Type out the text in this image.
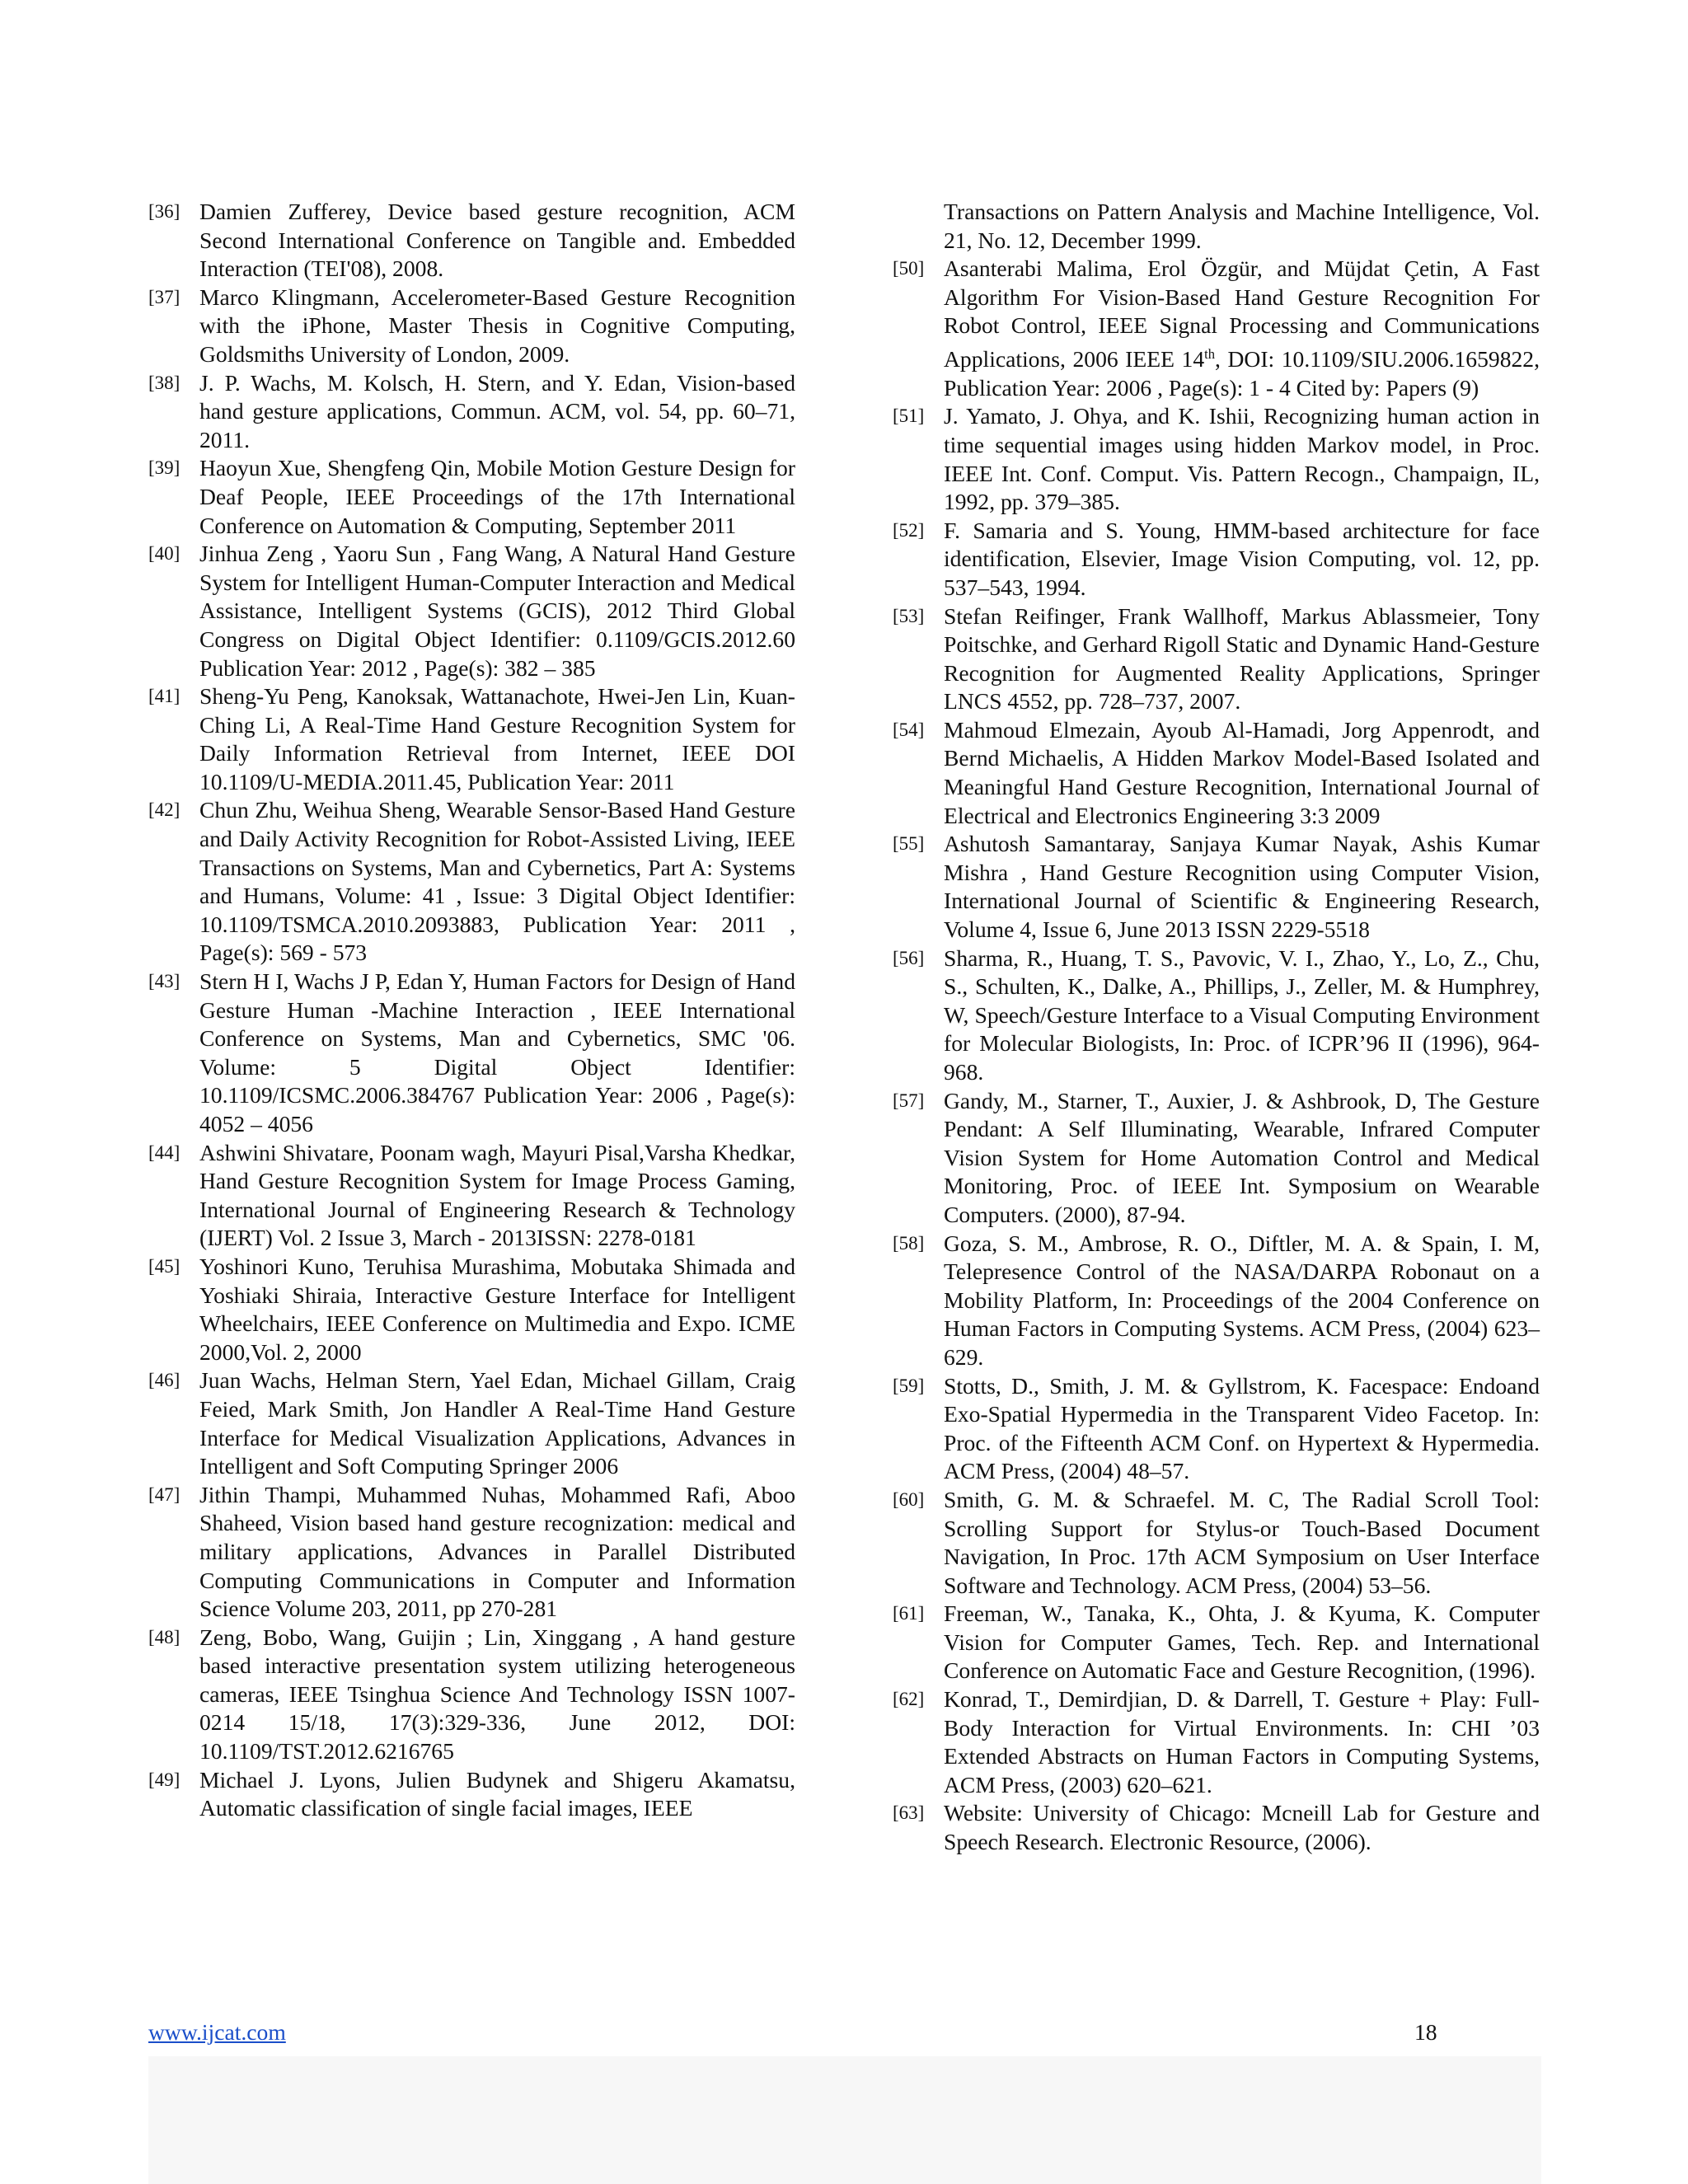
[36] Damien Zufferey, Device based gesture recognition, ACM Second International Conference on Tangible and. Embedded Interaction (TEI'08), 2008.
[37] Marco Klingmann, Accelerometer-Based Gesture Recognition with the iPhone, Master Thesis in Cognitive Computing, Goldsmiths University of London, 2009.
[38] J. P. Wachs, M. Kolsch, H. Stern, and Y. Edan, Vision-based hand gesture applications, Commun. ACM, vol. 54, pp. 60–71, 2011.
[39] Haoyun Xue, Shengfeng Qin, Mobile Motion Gesture Design for Deaf People, IEEE Proceedings of the 17th International Conference on Automation & Computing, September 2011
[40] Jinhua Zeng , Yaoru Sun , Fang Wang, A Natural Hand Gesture System for Intelligent Human-Computer Interaction and Medical Assistance, Intelligent Systems (GCIS), 2012 Third Global Congress on Digital Object Identifier: 0.1109/GCIS.2012.60 Publication Year: 2012 , Page(s): 382 – 385
[41] Sheng-Yu Peng, Kanoksak, Wattanachote, Hwei-Jen Lin, Kuan-Ching Li, A Real-Time Hand Gesture Recognition System for Daily Information Retrieval from Internet, IEEE DOI 10.1109/U-MEDIA.2011.45, Publication Year: 2011
[42] Chun Zhu, Weihua Sheng, Wearable Sensor-Based Hand Gesture and Daily Activity Recognition for Robot-Assisted Living, IEEE Transactions on Systems, Man and Cybernetics, Part A: Systems and Humans, Volume: 41 , Issue: 3 Digital Object Identifier: 10.1109/TSMCA.2010.2093883, Publication Year: 2011 , Page(s): 569 - 573
[43] Stern H I, Wachs J P, Edan Y, Human Factors for Design of Hand Gesture Human -Machine Interaction , IEEE International Conference on Systems, Man and Cybernetics, SMC '06. Volume: 5 Digital Object Identifier: 10.1109/ICSMC.2006.384767 Publication Year: 2006 , Page(s): 4052 – 4056
[44] Ashwini Shivatare, Poonam wagh, Mayuri Pisal,Varsha Khedkar, Hand Gesture Recognition System for Image Process Gaming, International Journal of Engineering Research & Technology (IJERT) Vol. 2 Issue 3, March - 2013ISSN: 2278-0181
[45] Yoshinori Kuno, Teruhisa Murashima, Mobutaka Shimada and Yoshiaki Shiraia, Interactive Gesture Interface for Intelligent Wheelchairs, IEEE Conference on Multimedia and Expo. ICME 2000,Vol. 2, 2000
[46] Juan Wachs, Helman Stern, Yael Edan, Michael Gillam, Craig Feied, Mark Smith, Jon Handler A Real-Time Hand Gesture Interface for Medical Visualization Applications, Advances in Intelligent and Soft Computing Springer 2006
[47] Jithin Thampi, Muhammed Nuhas, Mohammed Rafi, Aboo Shaheed, Vision based hand gesture recognization: medical and military applications, Advances in Parallel Distributed Computing Communications in Computer and Information Science Volume 203, 2011, pp 270-281
[48] Zeng, Bobo, Wang, Guijin ; Lin, Xinggang , A hand gesture based interactive presentation system utilizing heterogeneous cameras, IEEE Tsinghua Science And Technology ISSN 1007-0214 15/18, 17(3):329-336, June 2012, DOI: 10.1109/TST.2012.6216765
[49] Michael J. Lyons, Julien Budynek and Shigeru Akamatsu, Automatic classification of single facial images, IEEE
Transactions on Pattern Analysis and Machine Intelligence, Vol. 21, No. 12, December 1999.
[50] Asanterabi Malima, Erol Özgür, and Müjdat Çetin, A Fast Algorithm For Vision-Based Hand Gesture Recognition For Robot Control, IEEE Signal Processing and Communications Applications, 2006 IEEE 14th, DOI: 10.1109/SIU.2006.1659822, Publication Year: 2006 , Page(s): 1 - 4 Cited by: Papers (9)
[51] J. Yamato, J. Ohya, and K. Ishii, Recognizing human action in time sequential images using hidden Markov model, in Proc. IEEE Int. Conf. Comput. Vis. Pattern Recogn., Champaign, IL, 1992, pp. 379–385.
[52] F. Samaria and S. Young, HMM-based architecture for face identification, Elsevier, Image Vision Computing, vol. 12, pp. 537–543, 1994.
[53] Stefan Reifinger, Frank Wallhoff, Markus Ablassmeier, Tony Poitschke, and Gerhard Rigoll Static and Dynamic Hand-Gesture Recognition for Augmented Reality Applications, Springer LNCS 4552, pp. 728–737, 2007.
[54] Mahmoud Elmezain, Ayoub Al-Hamadi, Jorg Appenrodt, and Bernd Michaelis, A Hidden Markov Model-Based Isolated and Meaningful Hand Gesture Recognition, International Journal of Electrical and Electronics Engineering 3:3 2009
[55] Ashutosh Samantaray, Sanjaya Kumar Nayak, Ashis Kumar Mishra , Hand Gesture Recognition using Computer Vision, International Journal of Scientific & Engineering Research, Volume 4, Issue 6, June 2013 ISSN 2229-5518
[56] Sharma, R., Huang, T. S., Pavovic, V. I., Zhao, Y., Lo, Z., Chu, S., Schulten, K., Dalke, A., Phillips, J., Zeller, M. & Humphrey, W, Speech/Gesture Interface to a Visual Computing Environment for Molecular Biologists, In: Proc. of ICPR’96 II (1996), 964-968.
[57] Gandy, M., Starner, T., Auxier, J. & Ashbrook, D, The Gesture Pendant: A Self Illuminating, Wearable, Infrared Computer Vision System for Home Automation Control and Medical Monitoring, Proc. of IEEE Int. Symposium on Wearable Computers. (2000), 87-94.
[58] Goza, S. M., Ambrose, R. O., Diftler, M. A. & Spain, I. M, Telepresence Control of the NASA/DARPA Robonaut on a Mobility Platform, In: Proceedings of the 2004 Conference on Human Factors in Computing Systems. ACM Press, (2004) 623–629.
[59] Stotts, D., Smith, J. M. & Gyllstrom, K. Facespace: Endoand Exo-Spatial Hypermedia in the Transparent Video Facetop. In: Proc. of the Fifteenth ACM Conf. on Hypertext & Hypermedia. ACM Press, (2004) 48–57.
[60] Smith, G. M. & Schraefel. M. C, The Radial Scroll Tool: Scrolling Support for Stylus-or Touch-Based Document Navigation, In Proc. 17th ACM Symposium on User Interface Software and Technology. ACM Press, (2004) 53–56.
[61] Freeman, W., Tanaka, K., Ohta, J. & Kyuma, K. Computer Vision for Computer Games, Tech. Rep. and International Conference on Automatic Face and Gesture Recognition, (1996).
[62] Konrad, T., Demirdjian, D. & Darrell, T. Gesture + Play: Full-Body Interaction for Virtual Environments. In: CHI ’03 Extended Abstracts on Human Factors in Computing Systems, ACM Press, (2003) 620–621.
[63] Website: University of Chicago: Mcneill Lab for Gesture and Speech Research. Electronic Resource, (2006).
www.ijcat.com	18
